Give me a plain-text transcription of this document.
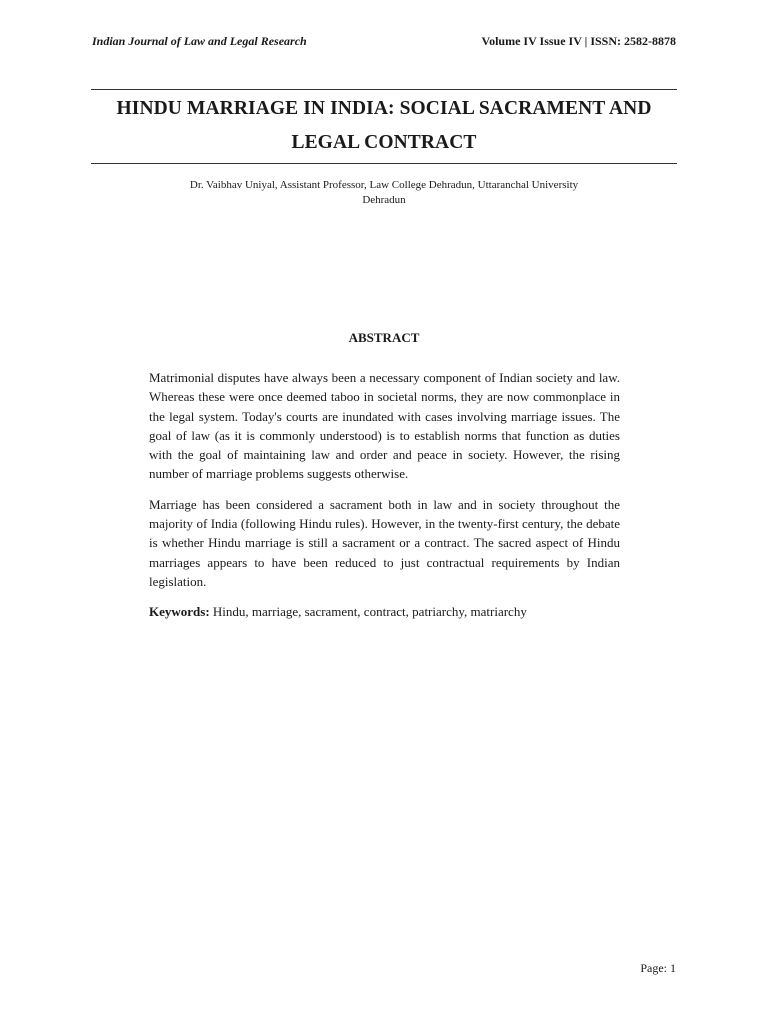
Indian Journal of Law and Legal Research	Volume IV Issue IV | ISSN: 2582-8878
HINDU MARRIAGE IN INDIA: SOCIAL SACRAMENT AND LEGAL CONTRACT
Dr. Vaibhav Uniyal, Assistant Professor, Law College Dehradun, Uttaranchal University
Dehradun
ABSTRACT

Matrimonial disputes have always been a necessary component of Indian society and law. Whereas these were once deemed taboo in societal norms, they are now commonplace in the legal system. Today's courts are inundated with cases involving marriage issues. The goal of law (as it is commonly understood) is to establish norms that function as duties with the goal of maintaining law and order and peace in society. However, the rising number of marriage problems suggests otherwise.

Marriage has been considered a sacrament both in law and in society throughout the majority of India (following Hindu rules). However, in the twenty-first century, the debate is whether Hindu marriage is still a sacrament or a contract. The sacred aspect of Hindu marriages appears to have been reduced to just contractual requirements by Indian legislation.

Keywords: Hindu, marriage, sacrament, contract, patriarchy, matriarchy

Page: 1
